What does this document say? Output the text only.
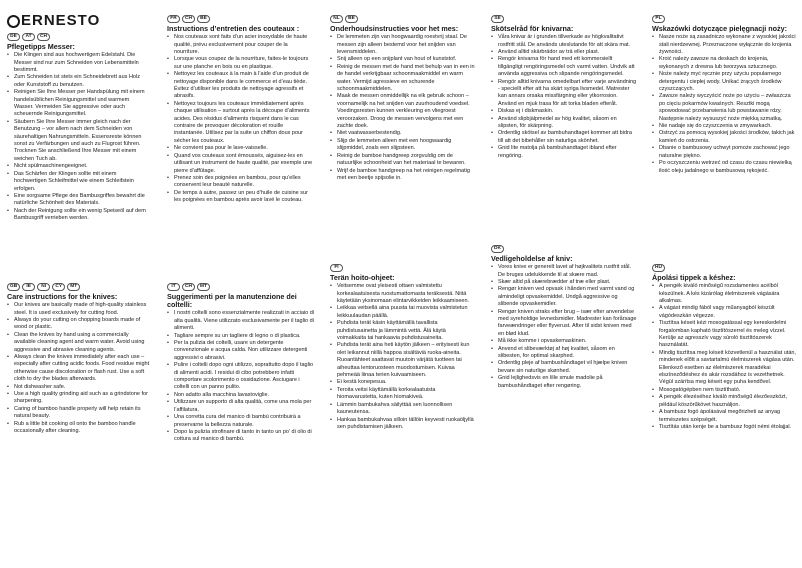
ERNESTO
DE	AT	CH
Pflegetipps Messer:
• Die Klingen sind aus hochwertigem Edelstahl. Die Messer sind nur zum Schneiden von Lebensmitteln bestimmt.
• Zum Schneiden ist stets ein Schneidebrett aus Holz oder Kunststoff zu benutzen.
• Reinigen Sie Ihre Messer per Handspülung mit einem handelsüblichen Reinigungsmittel und warmem Wasser. Vermeiden Sie aggressive oder auch scheuernde Reinigungsmittel.
• Säubern Sie Ihre Messer immer gleich nach der Benutzung – vor allem nach dem Schneiden von säurehaltigen Nahrungsmitteln. Essensreste können sonst zu Verfärbungen und auch zu Flugrost führen. Trocknen Sie anschließend Ihre Messer mit einem weichen Tuch ab.
• Nicht spülmaschinengeeignet.
• Das Schärfen der Klingen sollte mit einem hochwertigen Schleifmittel wie einem Schleifstein erfolgen.
• Eine sorgsame Pflege des Bambusgriffes bewahrt die natürliche Schönheit des Materials.
• Nach der Reinigung sollte ein wenig Speiseöl auf dem Bambusgriff verrieben werden.
GB	IE	NI	CY	MT
Care instructions for the knives:
• Our knives are basically made of high-quality stainless steel. It is used exclusively for cutting food.
• Always do your cutting on chopping boards made of wood or plastic.
• Clean the knives by hand using a commercially available cleaning agent and warm water. Avoid using aggressive and abrasive cleaning agents.
• Always clean the knives immediately after each use – especially after cutting acidic foods. Food residue might otherwise cause discoloration or flash rust. Use a soft cloth to dry the blades afterwards.
• Not dishwasher safe.
• Use a high quality grinding aid such as a grindstone for sharpening.
• Caring of bamboo handle properly will help retain its natural beauty.
• Rub a little bit cooking oil onto the bamboo handle occasionally after cleaning.
FR	CH	BE
Instructions d’entretien des couteaux :
• Nos couteaux sont faits d’un acier inoxydable de haute qualité, prévu exclusivement pour couper de la nourriture.
• Lorsque vous coupez de la nourriture, faites-le toujours sur une planche en bois ou en plastique.
• Nettoyez les couteaux à la main à l’aide d’un produit de nettoyage disponible dans le commerce et d’eau tiède. Évitez d’utiliser les produits de nettoyage agressifs et abrasifs.
• Nettoyez toujours les couteaux immédiatement après chaque utilisation – surtout après la découpe d’aliments acides. Des résidus d’aliments risquent dans le cas contraire de provoquer décoloration et rouille instantanée. Utilisez par la suite un chiffon doux pour sécher les couteaux.
• Ne convient pas pour le lave-vaisselle.
• Quand vos couteaux sont émoussés, aiguisez-les en utilisant un instrument de haute qualité, par exemple une pierre d’affûtage.
• Prenez soin des poignées en bambou, pour qu’elles conservent leur beauté naturelle.
• De temps à autre, passez un peu d’huile de cuisine sur les poignées en bambou après avoir lavé le couteau.
IT	CH	MT
Suggerimenti per la manutenzione dei coltelli:
• I nostri coltelli sono essenzialmente realizzati in acciaio di alta qualità. Viene utilizzato esclusivamente per il taglio di alimenti.
• Tagliare sempre su un tagliere di legno o di plastica.
• Per la pulizia dei coltelli, usare un detergente convenzionale e acqua calda. Non utilizzare detergenti aggressivi o abrasivi.
• Pulire i coltelli dopo ogni utilizzo, soprattutto dopo il taglio di alimenti acidi. I residui di cibo potrebbero infatti comportare scolorimento o ossidazione. Asciugare i coltelli con un panno pulito.
• Non adatto alla macchina lavastoviglie.
• Utilizzare un supporto di alta qualità, come una mola per l’affilatura.
• Una corretta cura del manico di bambù contribuirà a preservarne la bellezza naturale.
• Dopo la pulizia strofinare di tanto in tanto un po’ di olio di cottura sul manico di bambù.
NL	BE
Onderhoudsinstructies voor het mes:
• De lemmeten zijn van hoogwaardig roestvrij staal. De messen zijn alleen bestemd voor het snijden van levensmiddelen.
• Snij alleen op een snijplant van hout of kunststof.
• Reinig de messen met de hand met behulp van in een in de handel verkrijgbaar schoonmaakmiddel en warm water. Vermijd agressieve en schurende schoonmaakmiddelen.
• Maak de messen onmiddellijk na elk gebruik schoon – voornamelijk na het snijden van zuurhoudend voedsel. Voedingsresten kunnen verkleuring en vliegroest veroorzaken. Droog de messen vervolgens met een zachte doek.
• Niet vaatwasserbestendig.
• Slijp de lemmeten alleen met een hoogwaardig slijpmiddel, zoals een slijpsteen.
• Reinig de bamboe handgreep zorgvuldig om de natuurlijke schoonheid van het materiaal te bewaren.
• Wrijf de bamboe handgreep na het reinigen regelmatig met een beetje spijsolie in.
FI
Terän hoito-ohjeet:
• Veitsemme ovat yleisesti ottaen valmistettu korkealaatuisesta ruostumattomasta teräksestä. Niitä käytetään yksinomaan elintarvikkeiden leikkaamiseen.
• Leikkaa veitsellä aina puusta tai muovista valmistetun leikkuulaudan päällä.
• Puhdista terät käsin käyttämällä tavallista puhdistusainetta ja lämmintä vettä. Älä käytä voimakkaita tai hankaavia puhdistusaineita.
• Puhdista terät aina heti käytön jälkeen – erityisesti kun olet leikannut niillä happoa sisältäviä ruoka-aineita. Ruoantähteet saattavat muutoin värjätä tuotteen tai aiheuttaa lentoruosteen muodostumisen. Kuivaa pehmeää liinaa terien kuivaamiseen.
• Ei kestä konepesua.
• Teroita veitsi käyttämällä korkealaatuista hiomavarustetta, kuten hiomakiveä.
• Lämmin bambukahva säilyttää sen luonnollisen kauneutensa.
• Hankaa bambukahvaa silloin tällöin keyvesti ruokaöljyllä sen puhdistamisen jälkeen.
SE
Skötselråd för knivarna:
• Våra knivar är i grunden tillverkade av högkvalitativt rostfritt stål. De används uteslutande för att skära mat.
• Använd alltid skärbrädor av trä eller plast.
• Rengör knivarna för hand med ett kommersiellt tillgängligt rengöringsmedel och varmt vatten. Undvik att använda aggressiva och slipande rengöringsmedel.
• Rengör alltid knivarna omedelbart efter varje användning - speciellt efter att ha skärt syriga livsmedel. Matrester kan annars orsaka missfärgning eller ytkorrosion. Använd en mjuk trasa för att torka bladen efteråt.
• Diskas ej i diskmaskin.
• Använd slipbjälpmedel av hög kvalitet, såsom en slipsten, för skärpning.
• Ordentlig skötsel av bambuhandtaget kommer att bidra till att det bibehåller sin naturliga skönhet.
• Gnid lite matolja på bambuhandtaget ibland efter rengöring.
DK
Vedligeholdelse af kniv:
• Vores knive er generelt lavet af højkvalitets rustfrit stål. De bruges udelukkende til at skære mad.
• Skær altid på skærebrædder af træ eller plast.
• Rengør kniven ved opvask i hånden med varmt vand og almindeligt opvaskemiddel. Undgå aggressive og slibende opvaskemidler.
• Rengør kniven straks efter brug – især efter anvendelse med syreholdige levnedsmidler. Madrester kan forårsage farveændringer eller flyverust. After til sidst kniven med en blød klud.
• Må ikke komme i opvaskemaskinen.
• Anvend et slibeværktøj af høj kvalitet, såsom en slibesten, for optimal skarphed.
• Ordentlig pleje af bambushåndtaget vil hjælpe kniven bevare sin naturlige skønhed.
• Gnid lejlighedsvis en lille smule madolie på bambushåndtaget efter rengøring.
PL
Wskazówki dotyczące pielęgnacji noży:
• Nasze noże są zasadniczo wykonane z wysokiej jakości stali nierdzewnej. Przeznaczone wyłącznie do krojenia żywności.
• Kroić należy zawsze na deskach do krojenia, wykonanych z drewna lub tworzywa sztucznego.
• Noże należy myć ręcznie przy użyciu popularnego detergentu i ciepłej wody. Unikać żrących środków czyszczących.
• Zawsze należy wyczyścić noże po użyciu – zwłaszcza po cięciu pokarmów kwaśnych. Resztki mogą spowodować przebarwienia lub powstawanie rdzy. Następnie należy wysuszyć noże miękką szmatką.
• Nie nadaje się do czyszczenia w zmywarkach.
• Ostrzyć za pomocą wysokiej jakości środków, takich jak kamień do ostrzenia.
• Dbanie o bambusowy uchwyt pomoże zachować jego naturalne piękno.
• Po oczyszczeniu wetrzeć od czasu do czasu niewielką ilość oleju jadalnego w bambusową rękojeść.
HU
Ápolási tippek a késhez:
• A pengék kiváló minőségű rozsdamentes acélból készülnek. A kés kizárólag élelmiszerek vágására alkalmas.
• A vágást mindig fából vagy műanyagból készült vágódeszkán végezze.
• Tisztítsa késeit kézi mosogatással egy kereskedelmi forgalomban kapható tisztítószerrel és meleg vízzel. Kerülje az agresszív vagy súroló tisztítószerek használatát.
• Mindig tisztítsa meg késeit közvetlenül a használat után, mindenek előtt a savtartalmú élelmiszerek vágása után. Ellenkező esetben az élelmiszerek maradékai elszíneződéshez és akár rozsdához is vezethetnek. Végül szárítsa meg késeit egy puha kendővel.
• Mosogatógépben nem tisztítható.
• A pengék élezéséhez kiváló minőségű élezőeszközt, például köszörűkövet használjon.
• A bambusz fogó ápolásával megőrizheti az anyag természetes szépségét.
• Tisztítás után kenje be a bambusz fogót némi étolajjal.
